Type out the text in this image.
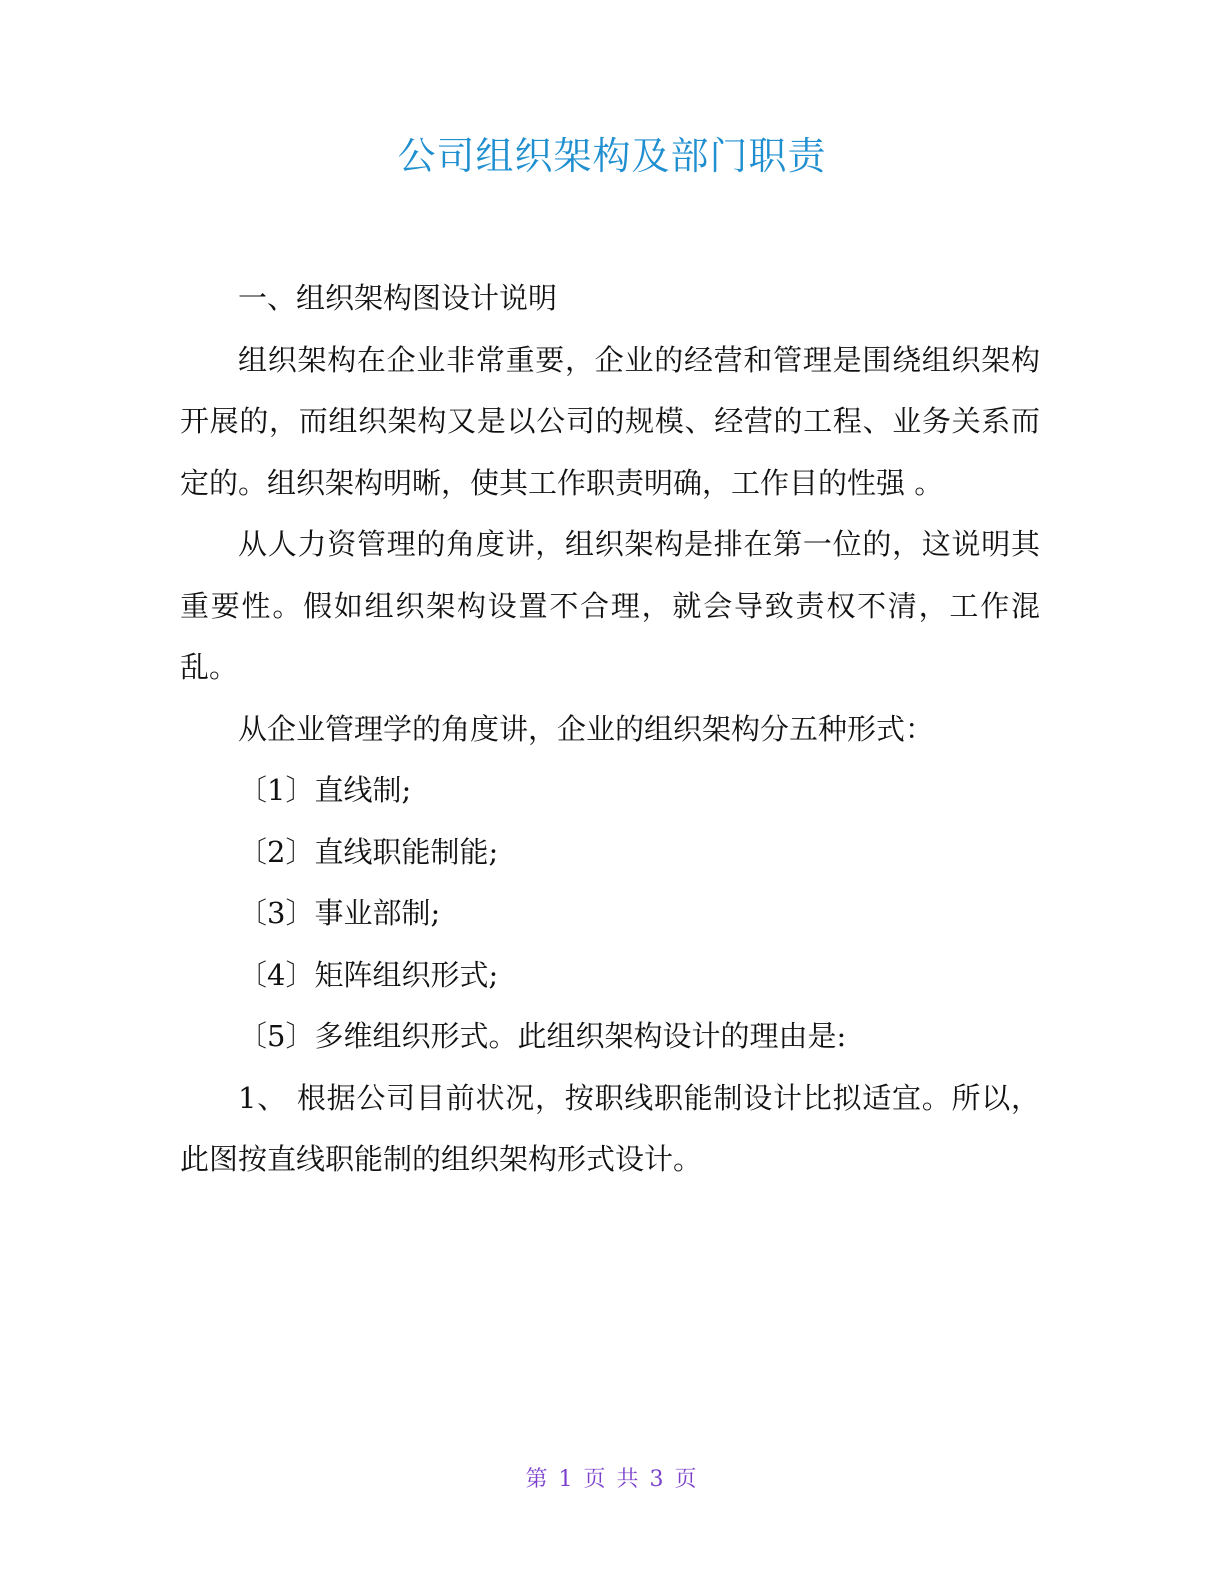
公司组织架构及部门职责

一、组织架构图设计说明

组织架构在企业非常重要，企业的经营和管理是围绕组织架构开展的，而组织架构又是以公司的规模、经营的工程、业务关系而定的。组织架构明晰，使其工作职责明确，工作目的性强 。

从人力资管理的角度讲，组织架构是排在第一位的，这说明其重要性。假如组织架构设置不合理，就会导致责权不清，工作混乱。

从企业管理学的角度讲，企业的组织架构分五种形式：

〔1〕直线制;

〔2〕直线职能制能;

〔3〕事业部制;

〔4〕矩阵组织形式;

〔5〕多维组织形式。此组织架构设计的理由是:

1、 根据公司目前状况，按职线职能制设计比拟适宜。所以，此图按直线职能制的组织架构形式设计。

第 1 页 共 3 页
